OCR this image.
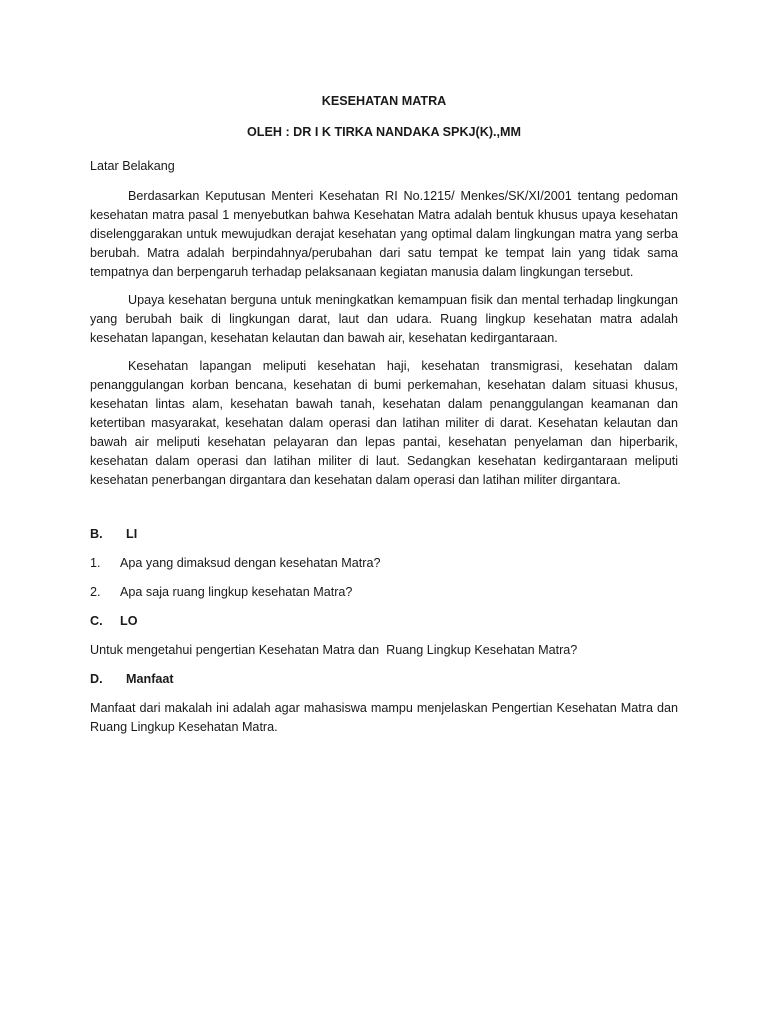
KESEHATAN MATRA

OLEH : DR I K TIRKA NANDAKA SPKJ(K).,MM

Latar Belakang

Berdasarkan Keputusan Menteri Kesehatan RI No.1215/ Menkes/SK/XI/2001 tentang pedoman kesehatan matra pasal 1 menyebutkan bahwa Kesehatan Matra adalah bentuk khusus upaya kesehatan diselenggarakan untuk mewujudkan derajat kesehatan yang optimal dalam lingkungan matra yang serba berubah. Matra adalah berpindahnya/perubahan dari satu tempat ke tempat lain yang tidak sama tempatnya dan berpengaruh terhadap pelaksanaan kegiatan manusia dalam lingkungan tersebut.

Upaya kesehatan berguna untuk meningkatkan kemampuan fisik dan mental terhadap lingkungan yang berubah baik di lingkungan darat, laut dan udara. Ruang lingkup kesehatan matra adalah kesehatan lapangan, kesehatan kelautan dan bawah air, kesehatan kedirgantaraan.

Kesehatan lapangan meliputi kesehatan haji, kesehatan transmigrasi, kesehatan dalam penanggulangan korban bencana, kesehatan di bumi perkemahan, kesehatan dalam situasi khusus, kesehatan lintas alam, kesehatan bawah tanah, kesehatan dalam penanggulangan keamanan dan ketertiban masyarakat, kesehatan dalam operasi dan latihan militer di darat. Kesehatan kelautan dan bawah air meliputi kesehatan pelayaran dan lepas pantai, kesehatan penyelaman dan hiperbarik, kesehatan dalam operasi dan latihan militer di laut. Sedangkan kesehatan kedirgantaraan meliputi kesehatan penerbangan dirgantara dan kesehatan dalam operasi dan latihan militer dirgantara.

B.	LI
1.	Apa yang dimaksud dengan kesehatan Matra?
2.	Apa saja ruang lingkup kesehatan Matra?
C.	LO

Untuk mengetahui pengertian Kesehatan Matra dan  Ruang Lingkup Kesehatan Matra?

D.	Manfaat

Manfaat dari makalah ini adalah agar mahasiswa mampu menjelaskan Pengertian Kesehatan Matra dan Ruang Lingkup Kesehatan Matra.
